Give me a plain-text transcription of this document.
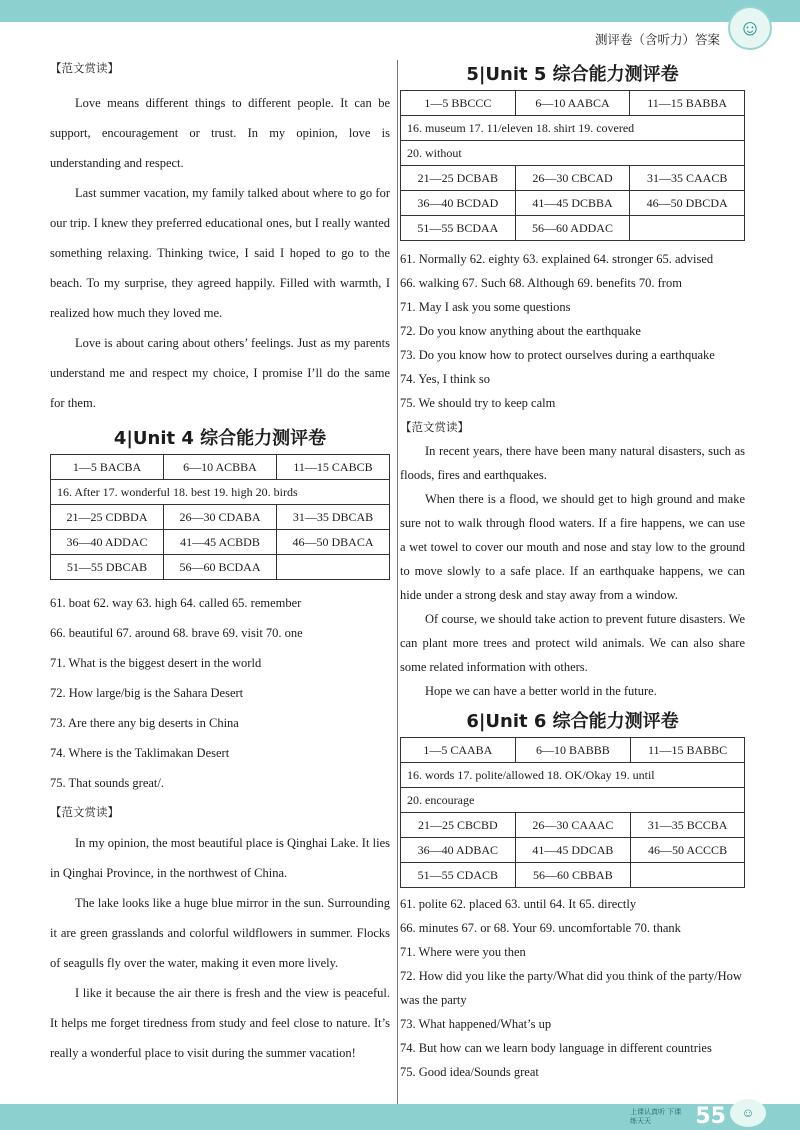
测评卷（含听力）答案 ☺
【范文赏读】

Love means different things to different people. It can be support, encouragement or trust. In my opinion, love is understanding and respect.

Last summer vacation, my family talked about where to go for our trip. I knew they preferred educational ones, but I really wanted something relaxing. Thinking twice, I said I hoped to go to the beach. To my surprise, they agreed happily. Filled with warmth, I realized how much they loved me.

Love is about caring about others’ feelings. Just as my parents understand me and respect my choice, I promise I’ll do the same for them.

4|Unit 4 综合能力测评卷
1—5 BACBA	6—10 ACBBA	11—15 CABCB
16. After 17. wonderful 18. best 19. high 20. birds		
21—25 CDBDA	26—30 CDABA	31—35 DBCAB
36—40 ADDAC	41—45 ACBDB	46—50 DBACA
51—55 DBCAB	56—60 BCDAA	
61. boat 62. way 63. high 64. called 65. remember
66. beautiful 67. around 68. brave 69. visit 70. one
71. What is the biggest desert in the world
72. How large/big is the Sahara Desert
73. Are there any big deserts in China
74. Where is the Taklimakan Desert
75. That sounds great/.
【范文赏读】

In my opinion, the most beautiful place is Qinghai Lake. It lies in Qinghai Province, in the northwest of China.

The lake looks like a huge blue mirror in the sun. Surrounding it are green grasslands and colorful wildflowers in summer. Flocks of seagulls fly over the water, making it even more lively.

I like it because the air there is fresh and the view is peaceful. It helps me forget tiredness from study and feel close to nature. It’s really a wonderful place to visit during the summer vacation!

5|Unit 5 综合能力测评卷
1—5 BBCCC	6—10 AABCA	11—15 BABBA
16. museum 17. 11/eleven 18. shirt 19. covered		
20. without		
21—25 DCBAB	26—30 CBCAD	31—35 CAACB
36—40 BCDAD	41—45 DCBBA	46—50 DBCDA
51—55 BCDAA	56—60 ADDAC	
61. Normally 62. eighty 63. explained 64. stronger 65. advised
66. walking 67. Such 68. Although 69. benefits 70. from
71. May I ask you some questions
72. Do you know anything about the earthquake
73. Do you know how to protect ourselves during a earthquake
74. Yes, I think so
75. We should try to keep calm
【范文赏读】

In recent years, there have been many natural disasters, such as floods, fires and earthquakes.

When there is a flood, we should get to high ground and make sure not to walk through flood waters. If a fire happens, we can use a wet towel to cover our mouth and nose and stay low to the ground to move slowly to a safe place. If an earthquake happens, we can hide under a strong desk and stay away from a window.

Of course, we should take action to prevent future disasters. We can plant more trees and protect wild animals. We can also share some related information with others.

Hope we can have a better world in the future.

6|Unit 6 综合能力测评卷
1—5 CAABA	6—10 BABBB	11—15 BABBC
16. words 17. polite/allowed 18. OK/Okay 19. until		
20. encourage		
21—25 CBCBD	26—30 CAAAC	31—35 BCCBA
36—40 ADBAC	41—45 DDCAB	46—50 ACCCB
51—55 CDACB	56—60 CBBAB	
61. polite 62. placed 63. until 64. It 65. directly
66. minutes 67. or 68. Your 69. uncomfortable 70. thank
71. Where were you then
72. How did you like the party/What did you think of the party/How was the party
73. What happened/What’s up
74. But how can we learn body language in different countries
75. Good idea/Sounds great
上课认真听 下课练天天	55	☺
